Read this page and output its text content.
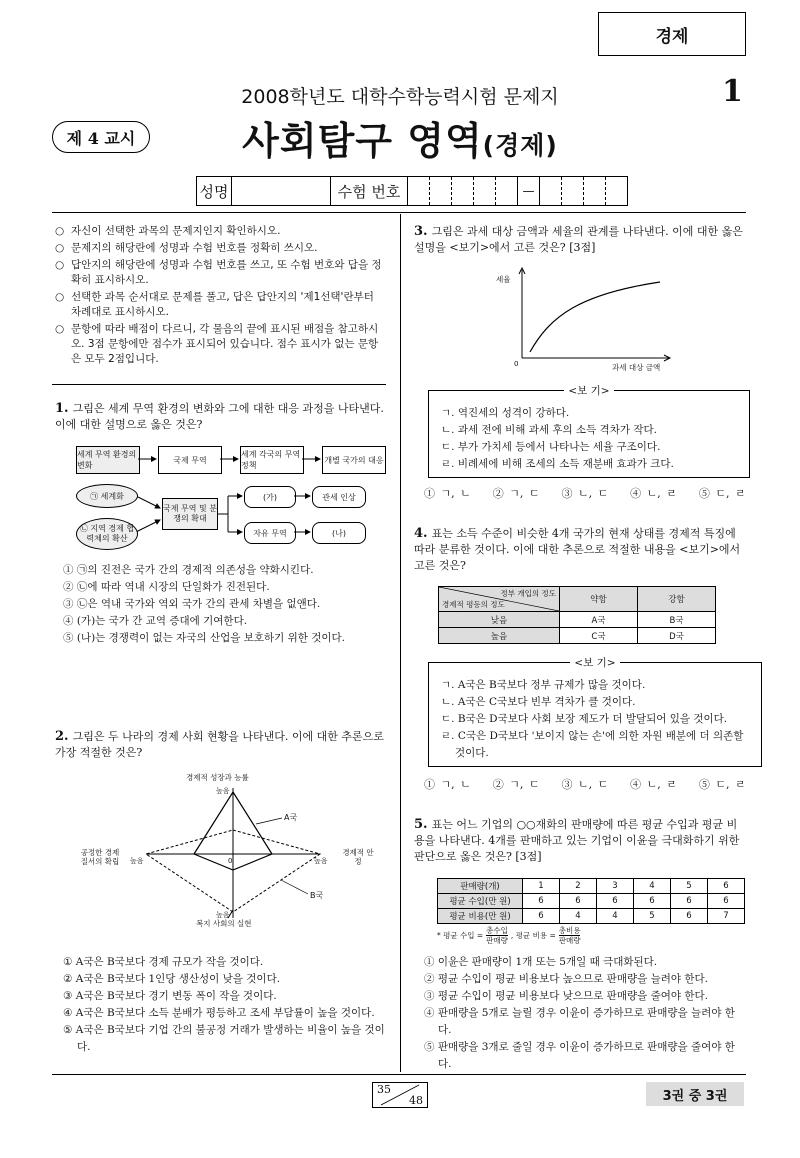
경제
2008학년도 대학수학능력시험 문제지	1
제 4 교시	사회탐구 영역(경제)
성명	수험 번호	—
○ 자신이 선택한 과목의 문제지인지 확인하시오.
○ 문제지의 해당란에 성명과 수험 번호를 정확히 쓰시오.
○ 답안지의 해당란에 성명과 수험 번호를 쓰고, 또 수험 번호와 답을 정확히 표시하시오.
○ 선택한 과목 순서대로 문제를 풀고, 답은 답안지의 '제1선택'란부터 차례대로 표시하시오.
○ 문항에 따라 배점이 다르니, 각 물음의 끝에 표시된 배점을 참고하시오. 3점 문항에만 점수가 표시되어 있습니다. 점수 표시가 없는 문항은 모두 2점입니다.
1. 그림은 세계 무역 환경의 변화와 그에 대한 대응 과정을 나타낸다. 이에 대한 설명으로 옳은 것은?
세계 무역 환경의 변화
국제 무역
세계 각국의 무역 정책
개별 국가의 대응
㉠ 세계화
㉡ 지역 경제 협력체의 확산
국제 무역 및 분쟁의 확대
(가)
자유 무역
관세 인상
(나)
① ㉠의 진전은 국가 간의 경제적 의존성을 약화시킨다.
② ㉡에 따라 역내 시장의 단일화가 진전된다.
③ ㉡은 역내 국가와 역외 국가 간의 관세 차별을 없앤다.
④ (가)는 국가 간 교역 증대에 기여한다.
⑤ (나)는 경쟁력이 없는 자국의 산업을 보호하기 위한 것이다.
2. 그림은 두 나라의 경제 사회 현황을 나타낸다. 이에 대한 추론으로 가장 적절한 것은?
경제적 성장과 능률
높음
복지 사회의 실현
높음
공정한 경제 질서의 확립	높음
경제적 안정
높음
0
A국
B국
① A국은 B국보다 경제 규모가 작을 것이다.
② A국은 B국보다 1인당 생산성이 낮을 것이다.
③ A국은 B국보다 경기 변동 폭이 작을 것이다.
④ A국은 B국보다 소득 분배가 평등하고 조세 부담률이 높을 것이다.
⑤ A국은 B국보다 기업 간의 불공정 거래가 발생하는 비율이 높을 것이다.
3. 그림은 과세 대상 금액과 세율의 관계를 나타낸다. 이에 대한 옳은 설명을 <보기>에서 고른 것은? [3점]
세율
0	과세 대상 금액
<보 기>
ㄱ. 역진세의 성격이 강하다.
ㄴ. 과세 전에 비해 과세 후의 소득 격차가 작다.
ㄷ. 부가 가치세 등에서 나타나는 세율 구조이다.
ㄹ. 비례세에 비해 조세의 소득 재분배 효과가 크다.
① ㄱ, ㄴ    ② ㄱ, ㄷ    ③ ㄴ, ㄷ    ④ ㄴ, ㄹ    ⑤ ㄷ, ㄹ
4. 표는 소득 수준이 비슷한 4개 국가의 현재 상태를 경제적 특징에 따라 분류한 것이다. 이에 대한 추론으로 적절한 내용을 <보기>에서 고른 것은?
정부 개입의 정도
경제적 평등의 정도	약함	강함
낮음	A국	B국
높음	C국	D국
<보 기>
ㄱ. A국은 B국보다 정부 규제가 많을 것이다.
ㄴ. A국은 C국보다 빈부 격차가 클 것이다.
ㄷ. B국은 D국보다 사회 보장 제도가 더 발달되어 있을 것이다.
ㄹ. C국은 D국보다 '보이지 않는 손'에 의한 자원 배분에 더 의존할 것이다.
① ㄱ, ㄴ    ② ㄱ, ㄷ    ③ ㄴ, ㄷ    ④ ㄴ, ㄹ    ⑤ ㄷ, ㄹ
5. 표는 어느 기업의 ○○재화의 판매량에 따른 평균 수입과 평균 비용을 나타낸다. 4개를 판매하고 있는 기업이 이윤을 극대화하기 위한 판단으로 옳은 것은? [3점]
판매량(개)	1	2	3	4	5	6
평균 수입(만 원)	6	6	6	6	6	6
평균 비용(만 원)	6	4	4	5	6	7
* 평균 수입 =
총수입
판매량
, 평균 비용 =
총비용
판매량
① 이윤은 판매량이 1개 또는 5개일 때 극대화된다.
② 평균 수입이 평균 비용보다 높으므로 판매량을 늘려야 한다.
③ 평균 수입이 평균 비용보다 낮으므로 판매량을 줄여야 한다.
④ 판매량을 5개로 늘릴 경우 이윤이 증가하므로 판매량을 늘려야 한다.
⑤ 판매량을 3개로 줄일 경우 이윤이 증가하므로 판매량을 줄여야 한다.
35
48	3권 중 3권
